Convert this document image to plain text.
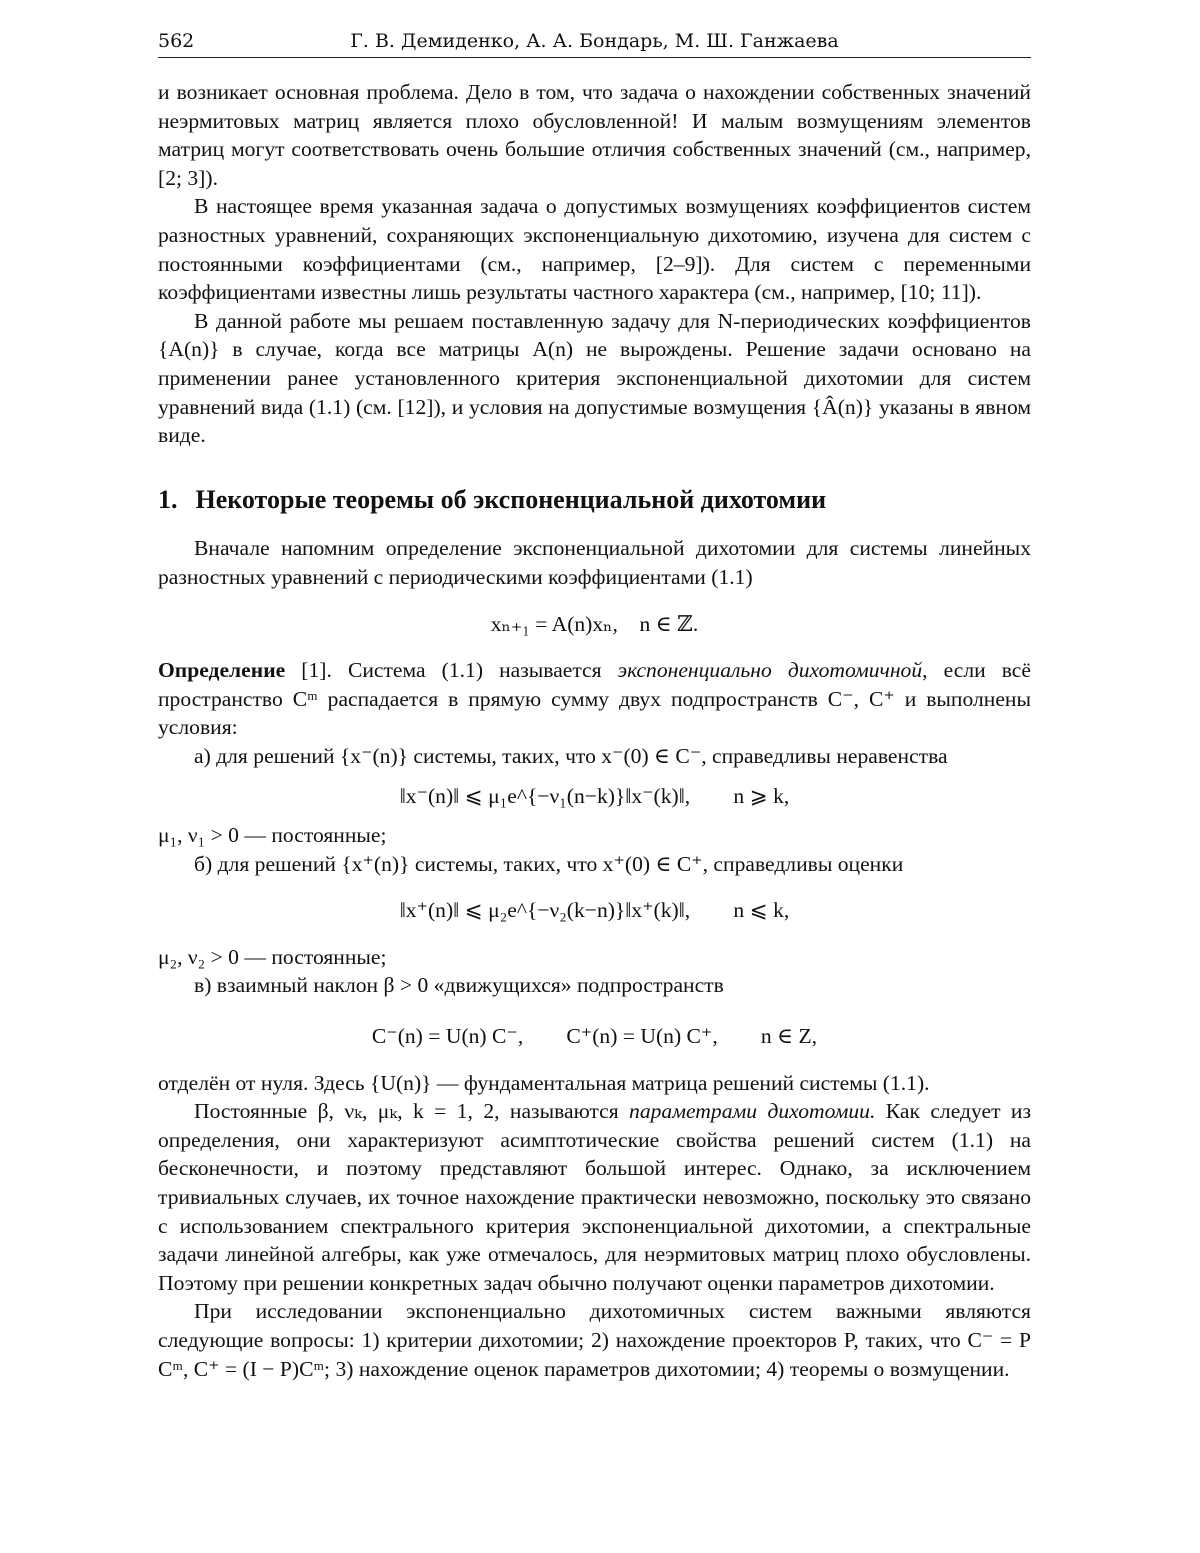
562	Г. В. Демиденко, А. А. Бондарь, М. Ш. Ганжаева

и возникает основная проблема. Дело в том, что задача о нахождении собственных значений неэрмитовых матриц является плохо обусловленной! И малым возмущениям элементов матриц могут соответствовать очень большие отличия собственных значений (см., например, [2; 3]).

В настоящее время указанная задача о допустимых возмущениях коэффициентов систем разностных уравнений, сохраняющих экспоненциальную дихотомию, изучена для систем с постоянными коэффициентами (см., например, [2–9]). Для систем с переменными коэффициентами известны лишь результаты частного характера (см., например, [10; 11]).

В данной работе мы решаем поставленную задачу для N-периодических коэффициентов {A(n)} в случае, когда все матрицы A(n) не вырождены. Решение задачи основано на применении ранее установленного критерия экспоненциальной дихотомии для систем уравнений вида (1.1) (см. [12]), и условия на допустимые возмущения {Â(n)} указаны в явном виде.

1. Некоторые теоремы об экспоненциальной дихотомии

Вначале напомним определение экспоненциальной дихотомии для системы линейных разностных уравнений с периодическими коэффициентами (1.1)

xₙ₊₁ = A(n)xₙ,    n ∈ ℤ.

Определение [1]. Система (1.1) называется экспоненциально дихотомичной, если всё пространство Cᵐ распадается в прямую сумму двух подпространств C⁻, C⁺ и выполнены условия:

а) для решений {x⁻(n)} системы, таких, что x⁻(0) ∈ C⁻, справедливы неравенства

‖x⁻(n)‖ ⩽ μ₁e^{−ν₁(n−k)}‖x⁻(k)‖,        n ⩾ k,

μ₁, ν₁ > 0 — постоянные;

б) для решений {x⁺(n)} системы, таких, что x⁺(0) ∈ C⁺, справедливы оценки

‖x⁺(n)‖ ⩽ μ₂e^{−ν₂(k−n)}‖x⁺(k)‖,        n ⩽ k,

μ₂, ν₂ > 0 — постоянные;

в) взаимный наклон β > 0 «движущихся» подпространств

C⁻(n) = U(n) C⁻,        C⁺(n) = U(n) C⁺,        n ∈ Z,

отделён от нуля. Здесь {U(n)} — фундаментальная матрица решений системы (1.1).

Постоянные β, νₖ, μₖ, k = 1, 2, называются параметрами дихотомии. Как следует из определения, они характеризуют асимптотические свойства решений систем (1.1) на бесконечности, и поэтому представляют большой интерес. Однако, за исключением тривиальных случаев, их точное нахождение практически невозможно, поскольку это связано с использованием спектрального критерия экспоненциальной дихотомии, а спектральные задачи линейной алгебры, как уже отмечалось, для неэрмитовых матриц плохо обусловлены. Поэтому при решении конкретных задач обычно получают оценки параметров дихотомии.

При исследовании экспоненциально дихотомичных систем важными являются следующие вопросы: 1) критерии дихотомии; 2) нахождение проекторов P, таких, что C⁻ = P Cᵐ, C⁺ = (I − P)Cᵐ; 3) нахождение оценок параметров дихотомии; 4) теоремы о возмущении.
